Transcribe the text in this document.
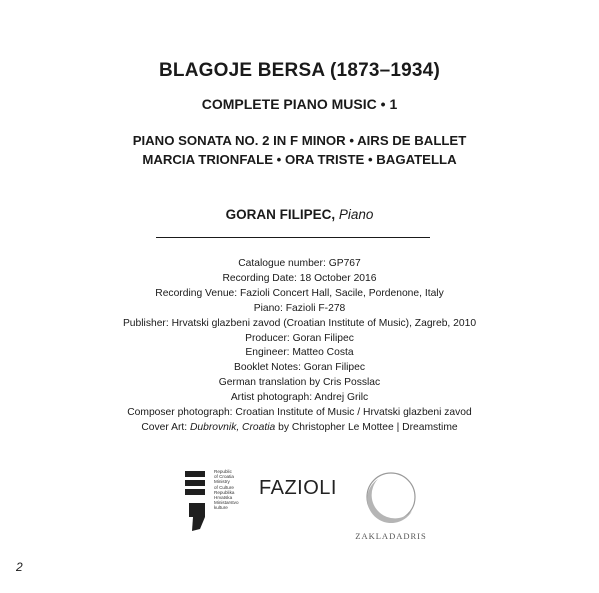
BLAGOJE BERSA (1873–1934)
COMPLETE PIANO MUSIC • 1
PIANO SONATA NO. 2 IN F MINOR • AIRS DE BALLET
MARCIA TRIONFALE • ORA TRISTE • BAGATELLA
GORAN FILIPEC, Piano
Catalogue number: GP767
Recording Date: 18 October 2016
Recording Venue: Fazioli Concert Hall, Sacile, Pordenone, Italy
Piano: Fazioli F-278
Publisher: Hrvatski glazbeni zavod (Croatian Institute of Music), Zagreb, 2010
Producer: Goran Filipec
Engineer: Matteo Costa
Booklet Notes: Goran Filipec
German translation by Cris Posslac
Artist photograph: Andrej Grilc
Composer photograph: Croatian Institute of Music / Hrvatski glazbeni zavod
Cover Art: Dubrovnik, Croatia by Christopher Le Mottee | Dreamstime
Republic
of Croatia
Ministry
of Culture
Republika
Hrvatska
Ministarstvo
kulture
FAZIOLI
ZAKLADADRIS
2
